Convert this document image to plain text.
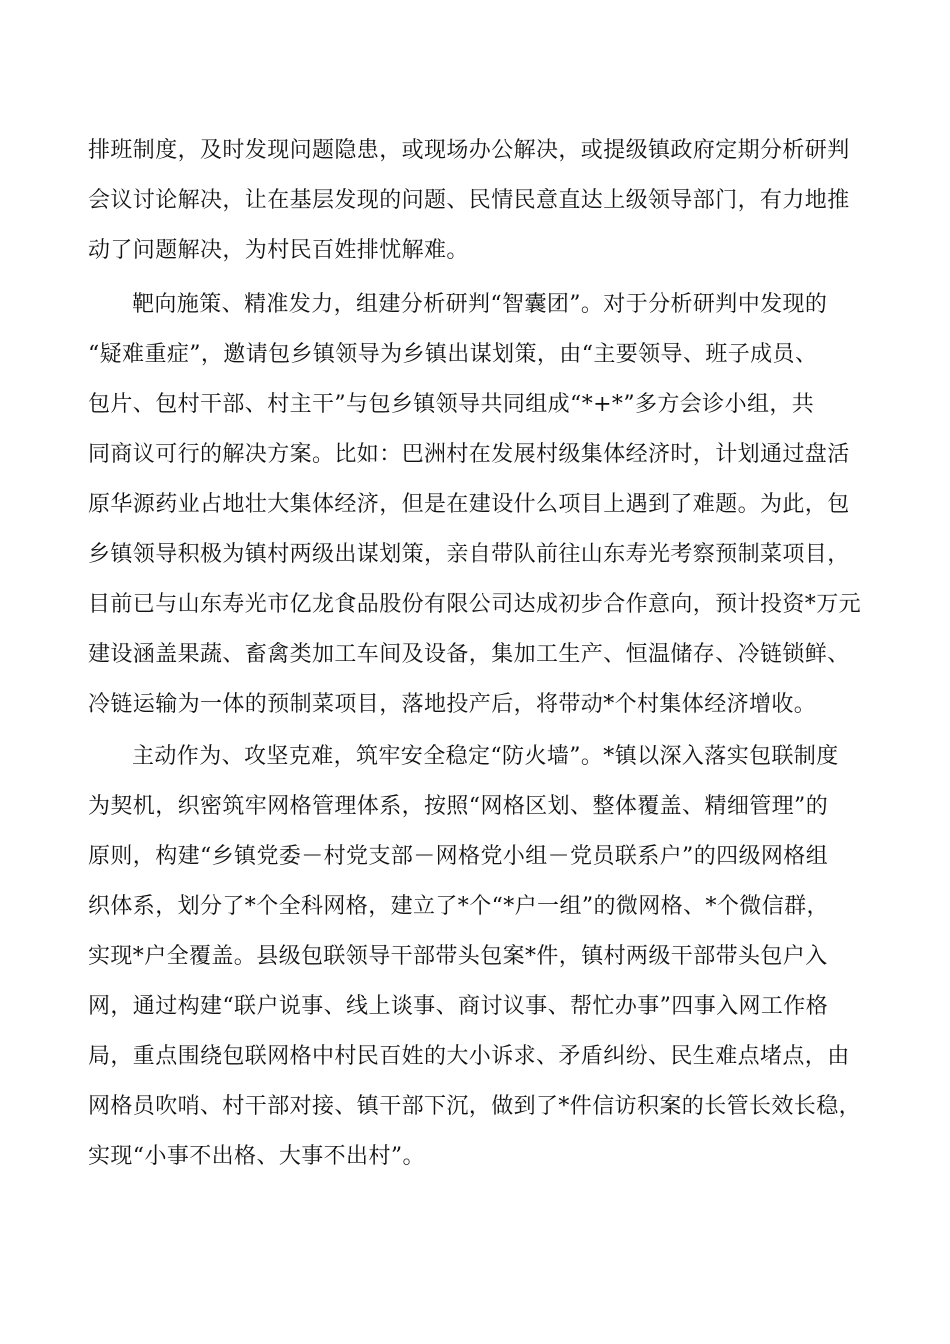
排班制度，及时发现问题隐患，或现场办公解决，或提级镇政府定期分析研判
会议讨论解决，让在基层发现的问题、民情民意直达上级领导部门，有力地推
动了问题解决，为村民百姓排忧解难。
靶向施策、精准发力，组建分析研判“智囊团”。对于分析研判中发现的
“疑难重症”，邀请包乡镇领导为乡镇出谋划策，由“主要领导、班子成员、
包片、包村干部、村主干”与包乡镇领导共同组成“*+*”多方会诊小组，共
同商议可行的解决方案。比如：巴洲村在发展村级集体经济时，计划通过盘活
原华源药业占地壮大集体经济，但是在建设什么项目上遇到了难题。为此，包
乡镇领导积极为镇村两级出谋划策，亲自带队前往山东寿光考察预制菜项目，
目前已与山东寿光市亿龙食品股份有限公司达成初步合作意向，预计投资*万元
建设涵盖果蔬、畜禽类加工车间及设备，集加工生产、恒温储存、冷链锁鲜、
冷链运输为一体的预制菜项目，落地投产后，将带动*个村集体经济增收。
主动作为、攻坚克难，筑牢安全稳定“防火墙”。*镇以深入落实包联制度
为契机，织密筑牢网格管理体系，按照“网格区划、整体覆盖、精细管理”的
原则，构建“乡镇党委－村党支部－网格党小组－党员联系户”的四级网格组
织体系，划分了*个全科网格，建立了*个“*户一组”的微网格、*个微信群，
实现*户全覆盖。县级包联领导干部带头包案*件，镇村两级干部带头包户入
网，通过构建“联户说事、线上谈事、商讨议事、帮忙办事”四事入网工作格
局，重点围绕包联网格中村民百姓的大小诉求、矛盾纠纷、民生难点堵点，由
网格员吹哨、村干部对接、镇干部下沉，做到了*件信访积案的长管长效长稳，
实现“小事不出格、大事不出村”。
